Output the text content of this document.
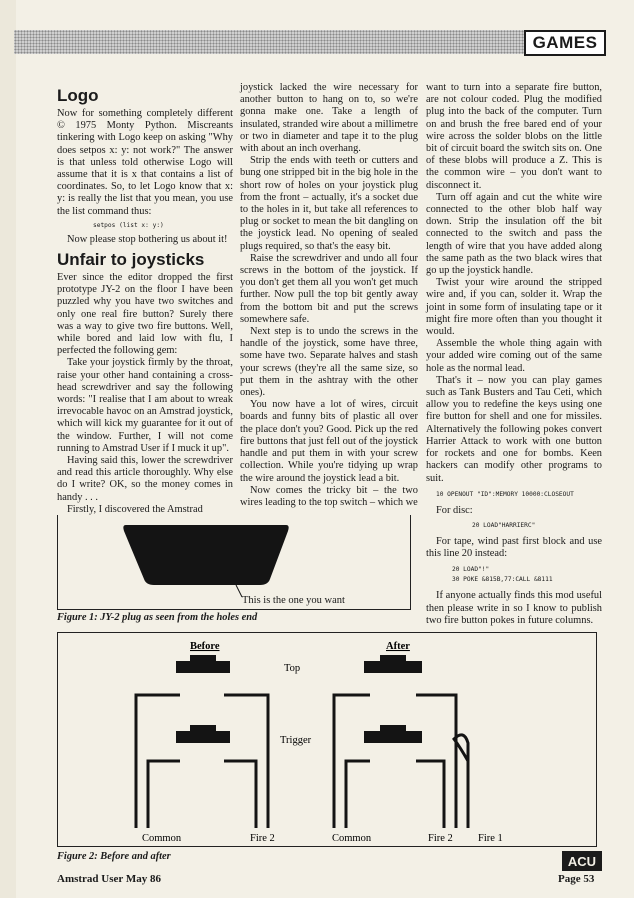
GAMES
Logo

Now for something completely different © 1975 Monty Python. Miscreants tinkering with Logo keep on asking "Why does setpos x: y: not work?" The answer is that unless told otherwise Logo will assume that it is x that contains a list of coordinates. So, to let Logo know that x: y: is really the list that you mean, you use the list command thus:

setpos (list x: y:)

Now please stop bothering us about it!

Unfair to joysticks

Ever since the editor dropped the first prototype JY-2 on the floor I have been puzzled why you have two switches and only one real fire button? Surely there was a way to give two fire buttons. Well, while bored and laid low with flu, I perfected the following gem:

Take your joystick firmly by the throat, raise your other hand containing a cross-head screwdriver and say the following words: "I realise that I am about to wreak irrevocable havoc on an Amstrad joystick, which will kick my guarantee for it out of the window. Further, I will not come running to Amstrad User if I muck it up".

Having said this, lower the screwdriver and read this article thoroughly. Why else do I write? OK, so the money comes in handy . . .

Firstly, I discovered the Amstrad

joystick lacked the wire necessary for another button to hang on to, so we're gonna make one. Take a length of insulated, stranded wire about a millimetre or two in diameter and tape it to the plug with about an inch overhang.

Strip the ends with teeth or cutters and bung one stripped bit in the big hole in the short row of holes on your joystick plug from the front – actually, it's a socket due to the holes in it, but take all references to plug or socket to mean the bit dangling on the joystick lead. No opening of sealed plugs required, so that's the easy bit.

Raise the screwdriver and undo all four screws in the bottom of the joystick. If you don't get them all you won't get much further. Now pull the top bit gently away from the bottom bit and put the screws somewhere safe.

Next step is to undo the screws in the handle of the joystick, some have three, some have two. Separate halves and stash your screws (they're all the same size, so put them in the ashtray with the other ones).

You now have a lot of wires, circuit boards and funny bits of plastic all over the place don't you? Good. Pick up the red fire buttons that just fell out of the joystick handle and put them in with your screw collection. While you're tidying up wrap the wire around the joystick lead a bit.

Now comes the tricky bit – the two wires leading to the top switch – which we

want to turn into a separate fire button, are not colour coded. Plug the modified plug into the back of the computer. Turn on and brush the free bared end of your wire across the solder blobs on the little bit of circuit board the switch sits on. One of these blobs will produce a Z. This is the common wire – you don't want to disconnect it.

Turn off again and cut the white wire connected to the other blob half way down. Strip the insulation off the bit connected to the switch and pass the length of wire that you have added along the same path as the two black wires that go up the joystick handle.

Twist your wire around the stripped wire and, if you can, solder it. Wrap the joint in some form of insulating tape or it might fire more often than you thought it would.

Assemble the whole thing again with your added wire coming out of the same hole as the normal lead.

That's it – now you can play games such as Tank Busters and Tau Ceti, which allow you to redefine the keys using one fire button for shell and one for missiles. Alternatively the following pokes convert Harrier Attack to work with one button for rockets and one for bombs. Keen hackers can modify other programs to suit.

10 OPENOUT "ID":MEMORY 10000:CLOSEOUT

For disc:

20 LOAD"HARRIERC"

For tape, wind past first block and use this line 20 instead:

20 LOAD"!"
30 POKE &815B,77:CALL &8111

If anyone actually finds this mod useful then please write in so I know to publish two fire button pokes in future columns.

This is the one you want
Figure 1: JY-2 plug as seen from the holes end
Before	After
Top
Trigger
Common	Fire 2	Common	Fire 2 Fire 1
Figure 2: Before and after	ACU
Amstrad User May 86	Page 53
